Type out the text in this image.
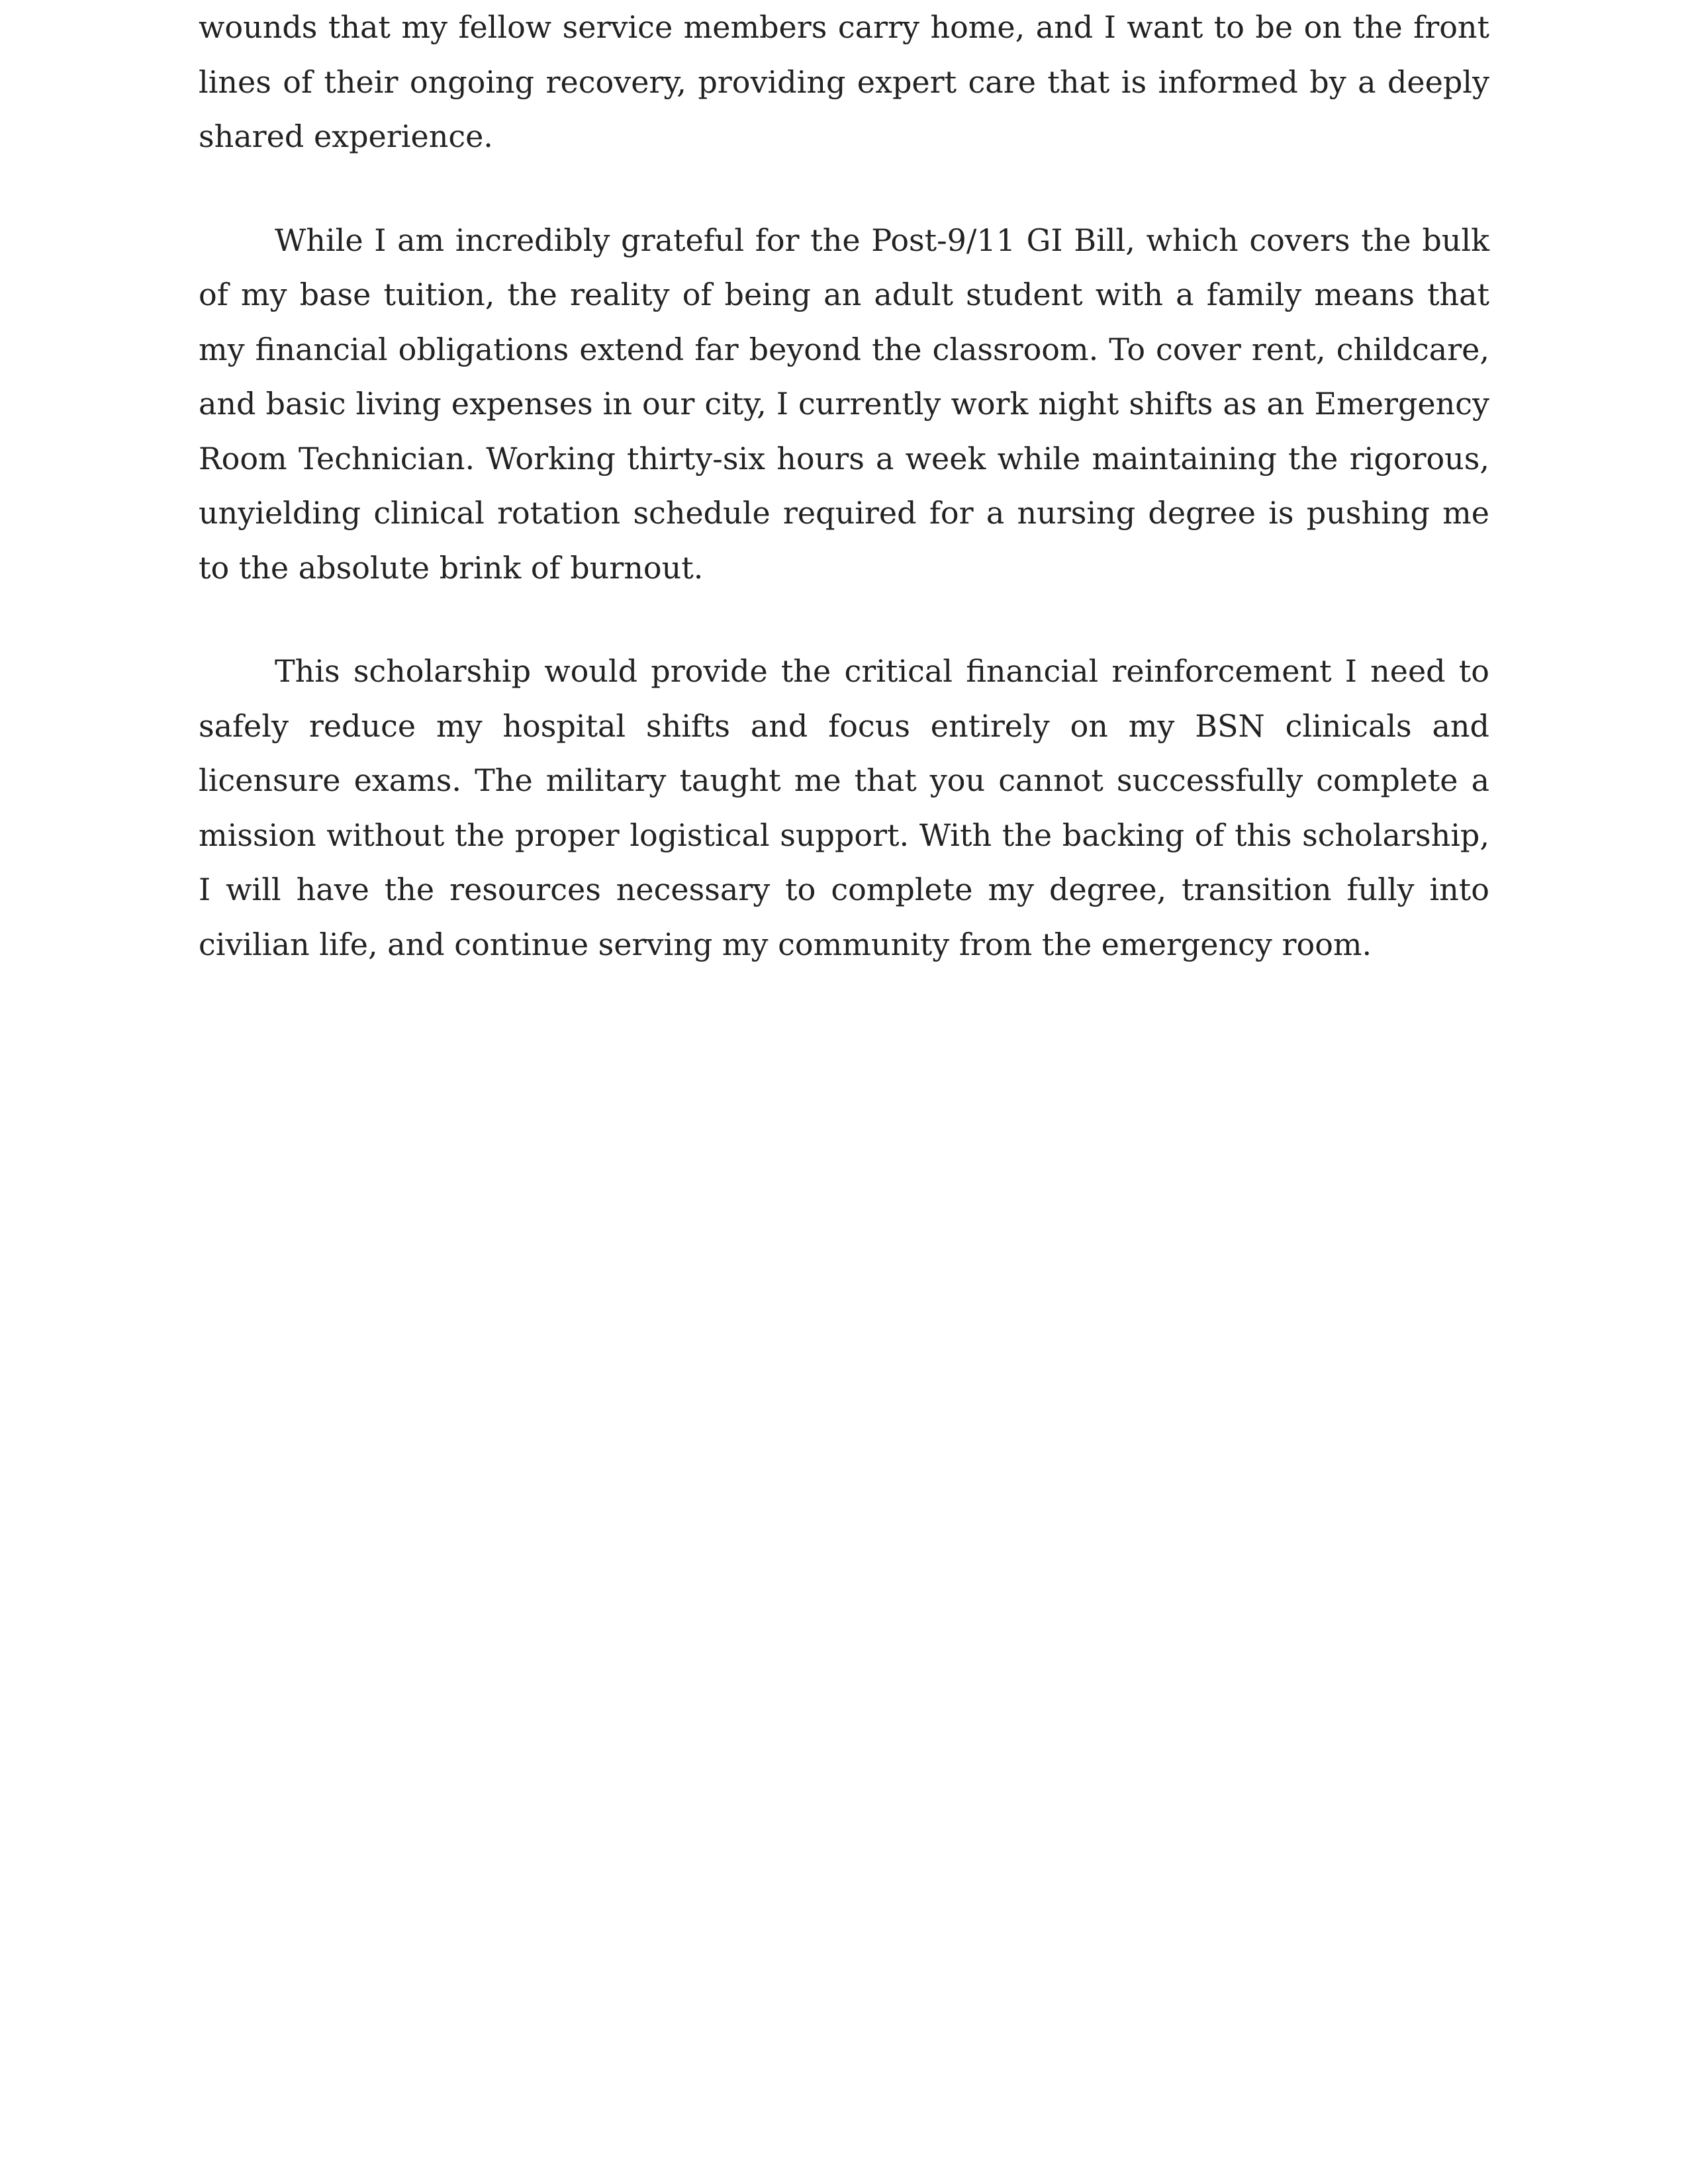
wounds that my fellow service members carry home, and I want to be on the front lines of their ongoing recovery, providing expert care that is informed by a deeply shared experience.

While I am incredibly grateful for the Post-9/11 GI Bill, which covers the bulk of my base tuition, the reality of being an adult student with a family means that my financial obligations extend far beyond the classroom. To cover rent, childcare, and basic living expenses in our city, I currently work night shifts as an Emergency Room Technician. Working thirty-six hours a week while maintaining the rigorous, unyielding clinical rotation schedule required for a nursing degree is pushing me to the absolute brink of burnout.

This scholarship would provide the critical financial reinforcement I need to safely reduce my hospital shifts and focus entirely on my BSN clinicals and licensure exams. The military taught me that you cannot successfully complete a mission without the proper logistical support. With the backing of this scholarship, I will have the resources necessary to complete my degree, transition fully into civilian life, and continue serving my community from the emergency room.
